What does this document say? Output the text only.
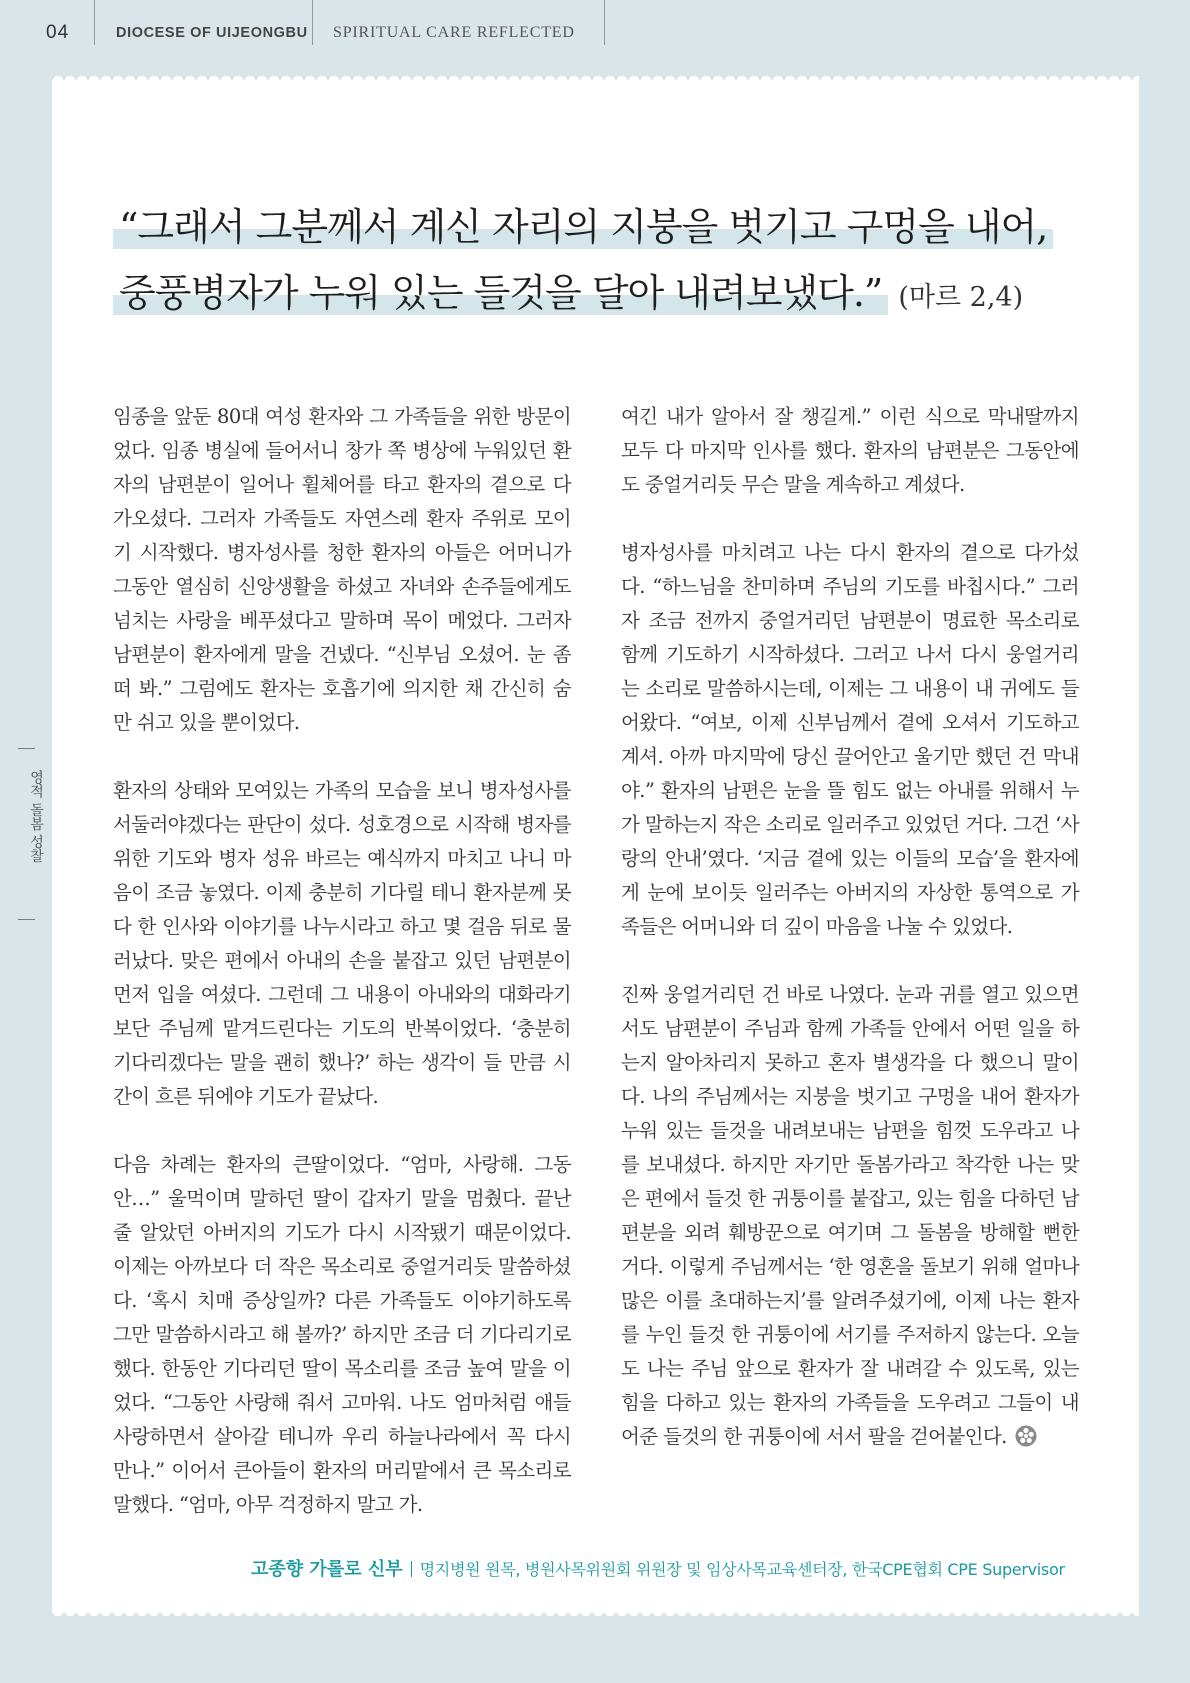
04	DIOCESE OF UIJEONGBU SPIRITUAL CARE REFLECTED
영적 돌봄 성찰
“그래서 그분께서 계신 자리의 지붕을 벗기고 구멍을 내어,
중풍병자가 누워 있는 들것을 달아 내려보냈다.” (마르 2,4)

임종을 앞둔 80대 여성 환자와 그 가족들을 위한 방문이었다. 임종 병실에 들어서니 창가 쪽 병상에 누워있던 환자의 남편분이 일어나 휠체어를 타고 환자의 곁으로 다가오셨다. 그러자 가족들도 자연스레 환자 주위로 모이기 시작했다. 병자성사를 청한 환자의 아들은 어머니가 그동안 열심히 신앙생활을 하셨고 자녀와 손주들에게도 넘치는 사랑을 베푸셨다고 말하며 목이 메었다. 그러자 남편분이 환자에게 말을 건넸다. “신부님 오셨어. 눈 좀 떠 봐.” 그럼에도 환자는 호흡기에 의지한 채 간신히 숨만 쉬고 있을 뿐이었다.

환자의 상태와 모여있는 가족의 모습을 보니 병자성사를 서둘러야겠다는 판단이 섰다. 성호경으로 시작해 병자를 위한 기도와 병자 성유 바르는 예식까지 마치고 나니 마음이 조금 놓였다. 이제 충분히 기다릴 테니 환자분께 못다 한 인사와 이야기를 나누시라고 하고 몇 걸음 뒤로 물러났다. 맞은 편에서 아내의 손을 붙잡고 있던 남편분이 먼저 입을 여셨다. 그런데 그 내용이 아내와의 대화라기보단 주님께 맡겨드린다는 기도의 반복이었다. ‘충분히 기다리겠다는 말을 괜히 했나?’ 하는 생각이 들 만큼 시간이 흐른 뒤에야 기도가 끝났다.

다음 차례는 환자의 큰딸이었다. “엄마, 사랑해. 그동안…” 울먹이며 말하던 딸이 갑자기 말을 멈췄다. 끝난 줄 알았던 아버지의 기도가 다시 시작됐기 때문이었다. 이제는 아까보다 더 작은 목소리로 중얼거리듯 말씀하셨다. ‘혹시 치매 증상일까? 다른 가족들도 이야기하도록 그만 말씀하시라고 해 볼까?’ 하지만 조금 더 기다리기로 했다. 한동안 기다리던 딸이 목소리를 조금 높여 말을 이었다. “그동안 사랑해 줘서 고마워. 나도 엄마처럼 애들 사랑하면서 살아갈 테니까 우리 하늘나라에서 꼭 다시 만나.” 이어서 큰아들이 환자의 머리맡에서 큰 목소리로 말했다. “엄마, 아무 걱정하지 말고 가.

여긴 내가 알아서 잘 챙길게.” 이런 식으로 막내딸까지 모두 다 마지막 인사를 했다. 환자의 남편분은 그동안에도 중얼거리듯 무슨 말을 계속하고 계셨다.

병자성사를 마치려고 나는 다시 환자의 곁으로 다가섰다. “하느님을 찬미하며 주님의 기도를 바칩시다.” 그러자 조금 전까지 중얼거리던 남편분이 명료한 목소리로 함께 기도하기 시작하셨다. 그러고 나서 다시 웅얼거리는 소리로 말씀하시는데, 이제는 그 내용이 내 귀에도 들어왔다. “여보, 이제 신부님께서 곁에 오셔서 기도하고 계셔. 아까 마지막에 당신 끌어안고 울기만 했던 건 막내야.” 환자의 남편은 눈을 뜰 힘도 없는 아내를 위해서 누가 말하는지 작은 소리로 일러주고 있었던 거다. 그건 ‘사랑의 안내’였다. ‘지금 곁에 있는 이들의 모습’을 환자에게 눈에 보이듯 일러주는 아버지의 자상한 통역으로 가족들은 어머니와 더 깊이 마음을 나눌 수 있었다.

진짜 웅얼거리던 건 바로 나였다. 눈과 귀를 열고 있으면서도 남편분이 주님과 함께 가족들 안에서 어떤 일을 하는지 알아차리지 못하고 혼자 별생각을 다 했으니 말이다. 나의 주님께서는 지붕을 벗기고 구멍을 내어 환자가 누워 있는 들것을 내려보내는 남편을 힘껏 도우라고 나를 보내셨다. 하지만 자기만 돌봄가라고 착각한 나는 맞은 편에서 들것 한 귀퉁이를 붙잡고, 있는 힘을 다하던 남편분을 외려 훼방꾼으로 여기며 그 돌봄을 방해할 뻔한 거다. 이렇게 주님께서는 ‘한 영혼을 돌보기 위해 얼마나 많은 이를 초대하는지’를 알려주셨기에, 이제 나는 환자를 누인 들것 한 귀퉁이에 서기를 주저하지 않는다. 오늘도 나는 주님 앞으로 환자가 잘 내려갈 수 있도록, 있는 힘을 다하고 있는 환자의 가족들을 도우려고 그들이 내어준 들것의 한 귀퉁이에 서서 팔을 걷어붙인다.

고종향 가롤로 신부 명지병원 원목, 병원사목위원회 위원장 및 임상사목교육센터장, 한국CPE협회 CPE Supervisor
